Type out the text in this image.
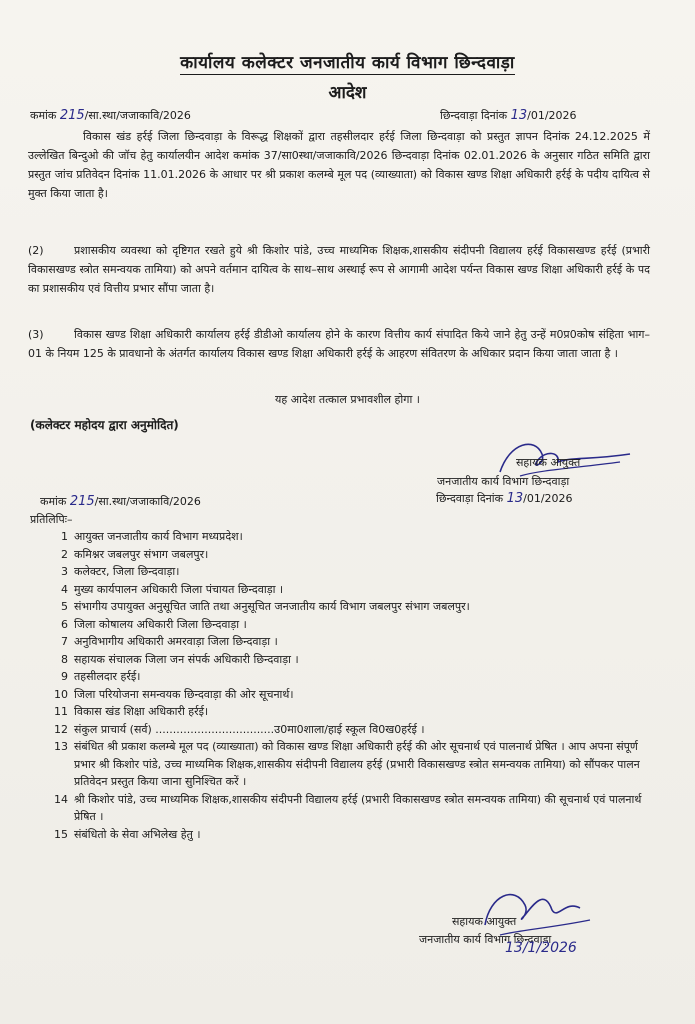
कार्यालय कलेक्टर जनजातीय कार्य विभाग छिन्दवाड़ा
आदेश
कमांक 215/सा.स्था/जजाकावि/2026	छिन्दवाड़ा दिनांक 13/01/2026
विकास खंड हर्रई जिला छिन्दवाड़ा के विरूद्ध शिक्षकों द्वारा तहसीलदार हर्रई जिला छिन्दवाड़ा को प्रस्तुत ज्ञापन दिनांक 24.12.2025 में उल्लेखित बिन्दुओ की जॉच हेतु कार्यालयीन आदेश कमांक 37/सा0स्था/जजाकावि/2026 छिन्दवाड़ा दिनांक 02.01.2026 के अनुसार गठित समिति द्वारा प्रस्तुत जांच प्रतिवेदन दिनांक 11.01.2026 के आधार पर श्री प्रकाश कलम्बे मूल पद (व्याख्याता) को विकास खण्ड शिक्षा अधिकारी हर्रई के पदीय दायित्व से मुक्त किया जाता है।
(2)	प्रशासकीय व्यवस्था को दृष्टिगत रखते हुये श्री किशोर पांडे, उच्च माध्यमिक शिक्षक,शासकीय संदीपनी विद्यालय हर्रई विकासखण्ड हर्रई (प्रभारी विकासखण्ड स्त्रोत समन्वयक तामिया) को अपने वर्तमान दायित्व के साथ–साथ अस्थाई रूप से आगामी आदेश पर्यन्त विकास खण्ड शिक्षा अधिकारी हर्रई के पद का प्रशासकीय एवं वित्तीय प्रभार सौंपा जाता है।
(3)	विकास खण्ड शिक्षा अधिकारी कार्यालय हर्रई डीडीओ कार्यालय होने के कारण वित्तीय कार्य संपादित किये जाने हेतु उन्हें म0प्र0कोष संहिता भाग–01 के नियम 125 के प्रावधानो के अंतर्गत कार्यालय विकास खण्ड शिक्षा अधिकारी हर्रई के आहरण संवितरण के अधिकार प्रदान किया जाता जाता है ।
यह आदेश तत्काल प्रभावशील होगा ।
(कलेक्टर महोदय द्वारा अनुमोदित)
सहायक आयुक्त
जनजातीय कार्य विभाग छिन्दवाड़ा
कमांक 215/सा.स्था/जजाकावि/2026	छिन्दवाड़ा दिनांक 13/01/2026
प्रतिलिपिः–
1 आयुक्त जनजातीय कार्य विभाग मध्यप्रदेश।
2 कमिश्नर जबलपुर संभाग जबलपुर।
3 कलेक्टर, जिला छिन्दवाड़ा।
4 मुख्य कार्यपालन अधिकारी जिला पंचायत छिन्दवाड़ा ।
5 संभागीय उपायुक्त अनुसूचित जाति तथा अनुसूचित जनजातीय कार्य विभाग जबलपुर संभाग जबलपुर।
6 जिला कोषालय अधिकारी जिला छिन्दवाड़ा ।
7 अनुविभागीय अधिकारी अमरवाड़ा जिला छिन्दवाड़ा ।
8 सहायक संचालक जिला जन संपर्क अधिकारी छिन्दवाड़ा ।
9 तहसीलदार हर्रई।
10 जिला परियोजना समन्वयक छिन्दवाड़ा की ओर सूचनार्थ।
11 विकास खंड शिक्षा अधिकारी हर्रई।
12 संकुल प्राचार्य (सर्व) ..................................उ0मा0शाला/हाई स्कूल वि0ख0हर्रई ।
13 संबंधित श्री प्रकाश कलम्बे मूल पद (व्याख्याता) को विकास खण्ड शिक्षा अधिकारी हर्रई की ओर सूचनार्थ एवं पालनार्थ प्रेषित । आप अपना संपूर्ण प्रभार श्री किशोर पांडे, उच्च माध्यमिक शिक्षक,शासकीय संदीपनी विद्यालय हर्रई (प्रभारी विकासखण्ड स्त्रोत समन्वयक तामिया) को सौंपकर पालन प्रतिवेदन प्रस्तुत किया जाना सुनिश्चित करें ।
14 श्री किशोर पांडे, उच्च माध्यमिक शिक्षक,शासकीय संदीपनी विद्यालय हर्रई (प्रभारी विकासखण्ड स्त्रोत समन्वयक तामिया) की सूचनार्थ एवं पालनार्थ प्रेषित ।
15 संबंधितो के सेवा अभिलेख हेतु ।
सहायक आयुक्त
जनजातीय कार्य विभाग छिन्दवाड़ा
13/1/2026
